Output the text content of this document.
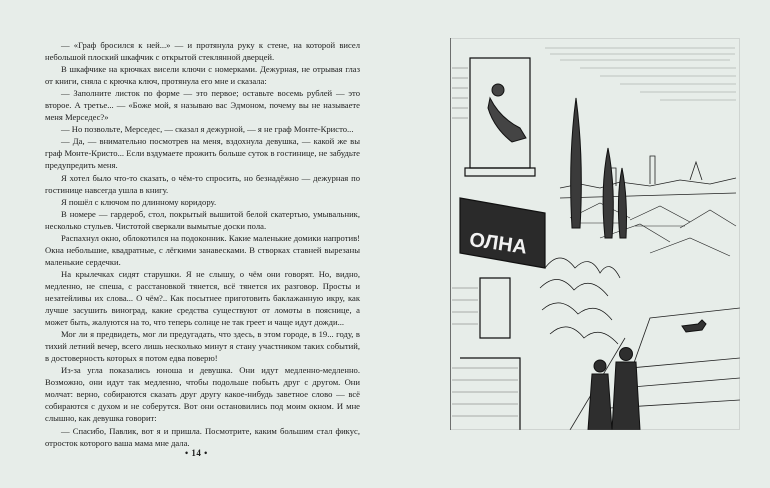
— «Граф бросился к ней...» — и протянула руку к стене, на которой висел небольшой плоский шкафчик с открытой стеклянной дверцей.

В шкафчике на крючках висели ключи с номерками. Дежурная, не отрывая глаз от книги, сняла с крючка ключ, протянула его мне и сказала:

— Заполните листок по форме — это первое; оставьте восемь рублей — это второе. А третье... — «Боже мой, я называю вас Эдмоном, почему вы не называете меня Мерседес?»

— Но позвольте, Мерседес, — сказал я дежурной, — я не граф Монте-Кристо...

— Да, — внимательно посмотрев на меня, вздохнула девушка, — какой же вы граф Монте-Кристо... Если вздумаете прожить больше суток в гостинице, не забудьте предупредить меня.

Я хотел было что-то сказать, о чём-то спросить, но безнадёжно — дежурная по гостинице навсегда ушла в книгу.

Я пошёл с ключом по длинному коридору.

В номере — гардероб, стол, покрытый вышитой белой скатертью, умывальник, несколько стульев. Чистотой сверкали вымытые доски пола.

Распахнул окно, облокотился на подоконник. Какие маленькие домики напротив! Окна небольшие, квадратные, с лёгкими занавесками. В створках ставней вырезаны маленькие сердечки.

На крылечках сидят старушки. Я не слышу, о чём они говорят. Но, видно, медленно, не спеша, с расстановкой тянется, всё тянется их разговор. Просты и незатейливы их слова... О чём?.. Как посытнее приготовить баклажанную икру, как лучше засушить виноград, какие средства существуют от ломоты в пояснице, а может быть, жалуются на то, что теперь солнце не так греет и чаще идут дожди...

Мог ли я предвидеть, мог ли предугадать, что здесь, в этом городе, в 19... году, в тихий летний вечер, всего лишь несколько минут я стану участником таких событий, в достоверность которых я потом едва поверю!

Из-за угла показались юноша и девушка. Они идут медленно-медленно. Возможно, они идут так медленно, чтобы подольше побыть друг с другом. Они молчат: верно, собираются сказать друг другу какое-нибудь заветное слово — всё собираются с духом и не соберутся. Вот они остановились под моим окном. И мне слышно, как девушка говорит:

— Спасибо, Павлик, вот я и пришла. Посмотрите, каким большим стал фикус, отросток которого ваша мама мне дала.

• 14 •
ОЛНА
